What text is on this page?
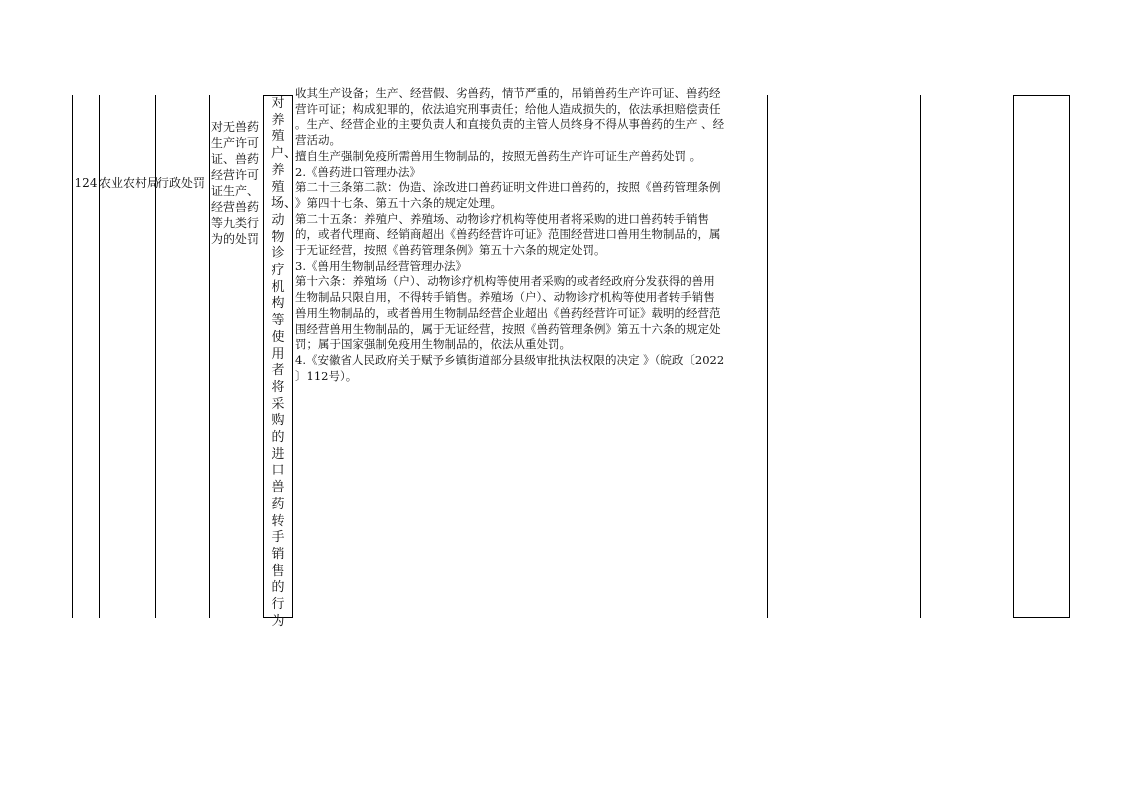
124 农业农村局
行政处罚
对无兽药生产许可证、兽药经营许可证生产、经营兽药等九类行为的处罚
对养殖户、养殖场、动物诊疗机构等使用者将采购的进口兽药转手销售的行为
收其生产设备；生产、经营假、劣兽药，情节严重的，吊销兽药生产许可证、兽药经
营许可证；构成犯罪的，依法追究刑事责任；给他人造成损失的，依法承担赔偿责任
。生产、经营企业的主要负责人和直接负责的主管人员终身不得从事兽药的生产 、经
营活动。
擅自生产强制免疫所需兽用生物制品的，按照无兽药生产许可证生产兽药处罚 。
2.《兽药进口管理办法》
第二十三条第二款：伪造、涂改进口兽药证明文件进口兽药的，按照《兽药管理条例
》第四十七条、第五十六条的规定处理。
第二十五条：养殖户、养殖场、动物诊疗机构等使用者将采购的进口兽药转手销售
的，或者代理商、经销商超出《兽药经营许可证》范围经营进口兽用生物制品的，属
于无证经营，按照《兽药管理条例》第五十六条的规定处罚。
3.《兽用生物制品经营管理办法》
第十六条：养殖场（户）、动物诊疗机构等使用者采购的或者经政府分发获得的兽用
生物制品只限自用，不得转手销售。养殖场（户）、动物诊疗机构等使用者转手销售
兽用生物制品的，或者兽用生物制品经营企业超出《兽药经营许可证》载明的经营范
围经营兽用生物制品的，属于无证经营，按照《兽药管理条例》第五十六条的规定处
罚；属于国家强制免疫用生物制品的，依法从重处罚。
4.《安徽省人民政府关于赋予乡镇街道部分县级审批执法权限的决定 》（皖政〔2022
〕112号）。
